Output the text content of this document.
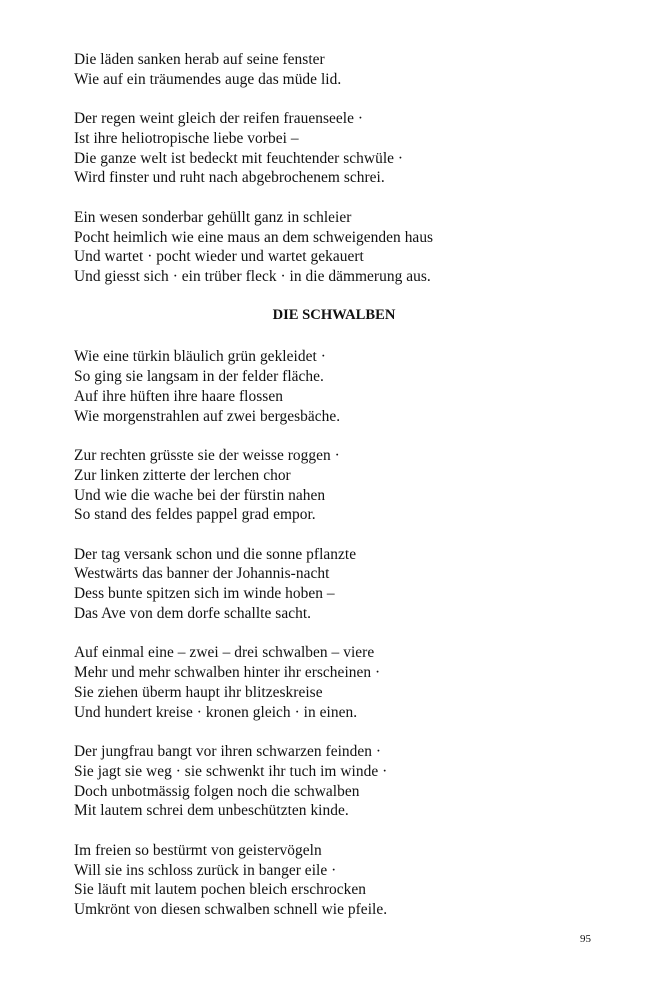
Die läden sanken herab auf seine fenster
Wie auf ein träumendes auge das müde lid.
Der regen weint gleich der reifen frauenseele ·
Ist ihre heliotropische liebe vorbei –
Die ganze welt ist bedeckt mit feuchtender schwüle ·
Wird finster und ruht nach abgebrochenem schrei.
Ein wesen sonderbar gehüllt ganz in schleier
Pocht heimlich wie eine maus an dem schweigenden haus
Und wartet · pocht wieder und wartet gekauert
Und giesst sich · ein trüber fleck · in die dämmerung aus.
DIE SCHWALBEN
Wie eine türkin bläulich grün gekleidet ·
So ging sie langsam in der felder fläche.
Auf ihre hüften ihre haare flossen
Wie morgenstrahlen auf zwei bergesbäche.
Zur rechten grüsste sie der weisse roggen ·
Zur linken zitterte der lerchen chor
Und wie die wache bei der fürstin nahen
So stand des feldes pappel grad empor.
Der tag versank schon und die sonne pflanzte
Westwärts das banner der Johannis-nacht
Dess bunte spitzen sich im winde hoben –
Das Ave von dem dorfe schallte sacht.
Auf einmal eine – zwei – drei schwalben – viere
Mehr und mehr schwalben hinter ihr erscheinen ·
Sie ziehen überm haupt ihr blitzeskreise
Und hundert kreise · kronen gleich · in einen.
Der jungfrau bangt vor ihren schwarzen feinden ·
Sie jagt sie weg · sie schwenkt ihr tuch im winde ·
Doch unbotmässig folgen noch die schwalben
Mit lautem schrei dem unbeschützten kinde.
Im freien so bestürmt von geistervögeln
Will sie ins schloss zurück in banger eile ·
Sie läuft mit lautem pochen bleich erschrocken
Umkrönt von diesen schwalben schnell wie pfeile.
95
